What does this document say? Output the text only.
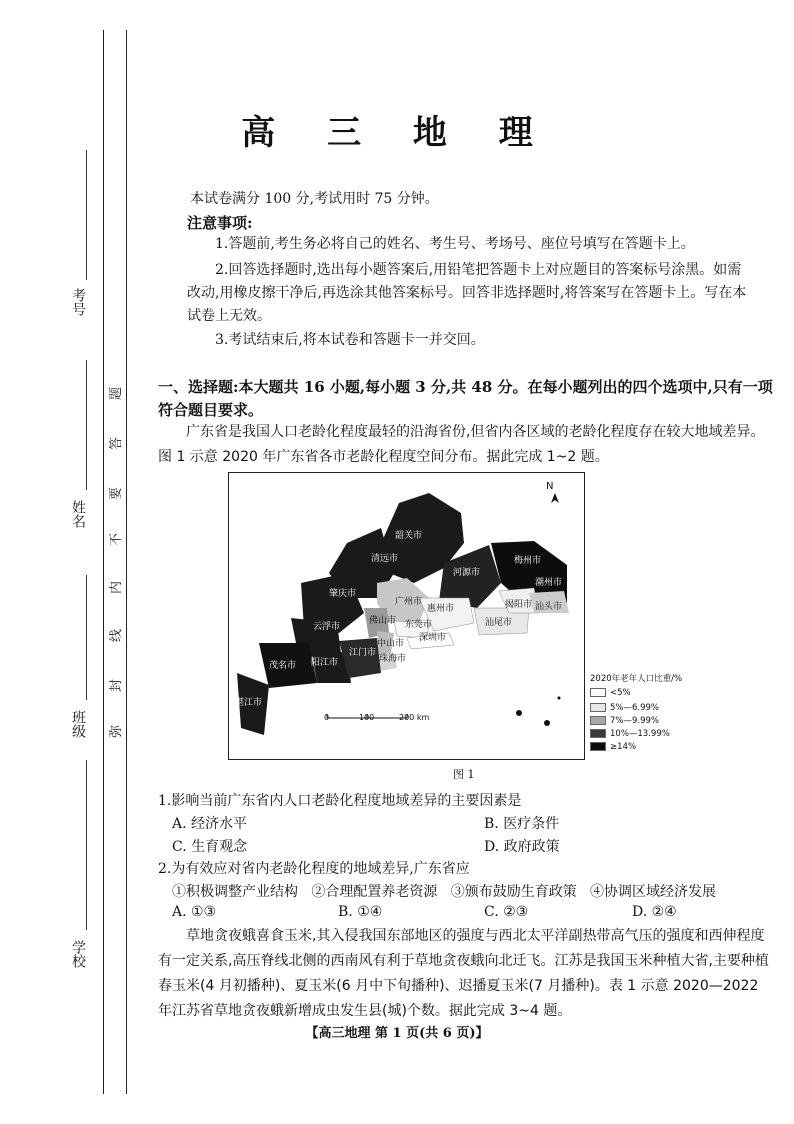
考号
姓名
班级
学校
题
答
要
不
内
线
封
弥
高 三 地 理
本试卷满分 100 分,考试用时 75 分钟。
注意事项:
1.答题前,考生务必将自己的姓名、考生号、考场号、座位号填写在答题卡上。
2.回答选择题时,选出每小题答案后,用铅笔把答题卡上对应题目的答案标号涂黑。如需改动,用橡皮擦干净后,再选涂其他答案标号。回答非选择题时,将答案写在答题卡上。写在本试卷上无效。
3.考试结束后,将本试卷和答题卡一并交回。
一、选择题:本大题共 16 小题,每小题 3 分,共 48 分。在每小题列出的四个选项中,只有一项符合题目要求。
广东省是我国人口老龄化程度最轻的沿海省份,但省内各区域的老龄化程度存在较大地域差异。图 1 示意 2020 年广东省各市老龄化程度空间分布。据此完成 1~2 题。
N
韶关市
清远市
河源市
梅州市
潮州市
肇庆市
广州市
惠州市	揭阳市 汕头市
云浮市
佛山市 东莞市	汕尾市
中山市
深圳市
江门市
珠海市
茂名市 阳江市
湛江市
0	100	200 km
2020年老年人口比重/%
<5%
5%—6.99%
7%—9.99%
10%—13.99%
≥14%
图 1
1.影响当前广东省内人口老龄化程度地域差异的主要因素是
A. 经济水平	B. 医疗条件
C. 生育观念	D. 政府政策
2.为有效应对省内老龄化程度的地域差异,广东省应
①积极调整产业结构   ②合理配置养老资源   ③颁布鼓励生育政策   ④协调区域经济发展
A. ①③	B. ①④	C. ②③	D. ②④
草地贪夜蛾喜食玉米,其入侵我国东部地区的强度与西北太平洋副热带高气压的强度和西伸程度有一定关系,高压脊线北侧的西南风有利于草地贪夜蛾向北迁飞。江苏是我国玉米种植大省,主要种植春玉米(4 月初播种)、夏玉米(6 月中下旬播种)、迟播夏玉米(7 月播种)。表 1 示意 2020—2022 年江苏省草地贪夜蛾新增成虫发生县(城)个数。据此完成 3~4 题。
【高三地理 第 1 页(共 6 页)】
